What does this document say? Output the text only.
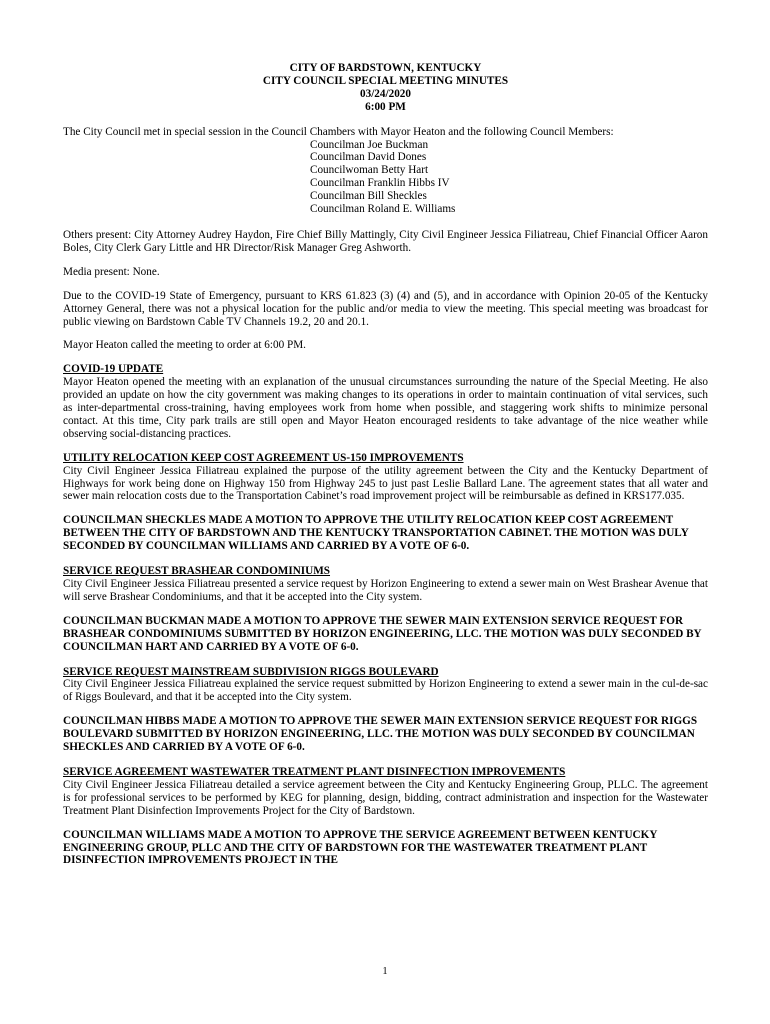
CITY OF BARDSTOWN, KENTUCKY
CITY COUNCIL SPECIAL MEETING MINUTES
03/24/2020
6:00 PM

The City Council met in special session in the Council Chambers with Mayor Heaton and the following Council Members:

Councilman Joe Buckman
Councilman David Dones
Councilwoman Betty Hart
Councilman Franklin Hibbs IV
Councilman Bill Sheckles
Councilman Roland E. Williams

Others present: City Attorney Audrey Haydon, Fire Chief Billy Mattingly, City Civil Engineer Jessica Filiatreau, Chief Financial Officer Aaron Boles, City Clerk Gary Little and HR Director/Risk Manager Greg Ashworth.

Media present: None.

Due to the COVID-19 State of Emergency, pursuant to KRS 61.823 (3) (4) and (5), and in accordance with Opinion 20-05 of the Kentucky Attorney General, there was not a physical location for the public and/or media to view the meeting. This special meeting was broadcast for public viewing on Bardstown Cable TV Channels 19.2, 20 and 20.1.

Mayor Heaton called the meeting to order at 6:00 PM.

COVID-19 UPDATE
Mayor Heaton opened the meeting with an explanation of the unusual circumstances surrounding the nature of the Special Meeting. He also provided an update on how the city government was making changes to its operations in order to maintain continuation of vital services, such as inter-departmental cross-training, having employees work from home when possible, and staggering work shifts to minimize personal contact. At this time, City park trails are still open and Mayor Heaton encouraged residents to take advantage of the nice weather while observing social-distancing practices.
UTILITY RELOCATION KEEP COST AGREEMENT US-150 IMPROVEMENTS
City Civil Engineer Jessica Filiatreau explained the purpose of the utility agreement between the City and the Kentucky Department of Highways for work being done on Highway 150 from Highway 245 to just past Leslie Ballard Lane. The agreement states that all water and sewer main relocation costs due to the Transportation Cabinet’s road improvement project will be reimbursable as defined in KRS177.035.
COUNCILMAN SHECKLES MADE A MOTION TO APPROVE THE UTILITY RELOCATION KEEP COST AGREEMENT BETWEEN THE CITY OF BARDSTOWN AND THE KENTUCKY TRANSPORTATION CABINET. THE MOTION WAS DULY SECONDED BY COUNCILMAN WILLIAMS AND CARRIED BY A VOTE OF 6-0.
SERVICE REQUEST BRASHEAR CONDOMINIUMS
City Civil Engineer Jessica Filiatreau presented a service request by Horizon Engineering to extend a sewer main on West Brashear Avenue that will serve Brashear Condominiums, and that it be accepted into the City system.
COUNCILMAN BUCKMAN MADE A MOTION TO APPROVE THE SEWER MAIN EXTENSION SERVICE REQUEST FOR BRASHEAR CONDOMINIUMS SUBMITTED BY HORIZON ENGINEERING, LLC. THE MOTION WAS DULY SECONDED BY COUNCILMAN HART AND CARRIED BY A VOTE OF 6-0.
SERVICE REQUEST MAINSTREAM SUBDIVISION RIGGS BOULEVARD
City Civil Engineer Jessica Filiatreau explained the service request submitted by Horizon Engineering to extend a sewer main in the cul-de-sac of Riggs Boulevard, and that it be accepted into the City system.
COUNCILMAN HIBBS MADE A MOTION TO APPROVE THE SEWER MAIN EXTENSION SERVICE REQUEST FOR RIGGS BOULEVARD SUBMITTED BY HORIZON ENGINEERING, LLC. THE MOTION WAS DULY SECONDED BY COUNCILMAN SHECKLES AND CARRIED BY A VOTE OF 6-0.
SERVICE AGREEMENT WASTEWATER TREATMENT PLANT DISINFECTION IMPROVEMENTS
City Civil Engineer Jessica Filiatreau detailed a service agreement between the City and Kentucky Engineering Group, PLLC. The agreement is for professional services to be performed by KEG for planning, design, bidding, contract administration and inspection for the Wastewater Treatment Plant Disinfection Improvements Project for the City of Bardstown.
COUNCILMAN WILLIAMS MADE A MOTION TO APPROVE THE SERVICE AGREEMENT BETWEEN KENTUCKY ENGINEERING GROUP, PLLC AND THE CITY OF BARDSTOWN FOR THE WASTEWATER TREATMENT PLANT DISINFECTION IMPROVEMENTS PROJECT IN THE
1
